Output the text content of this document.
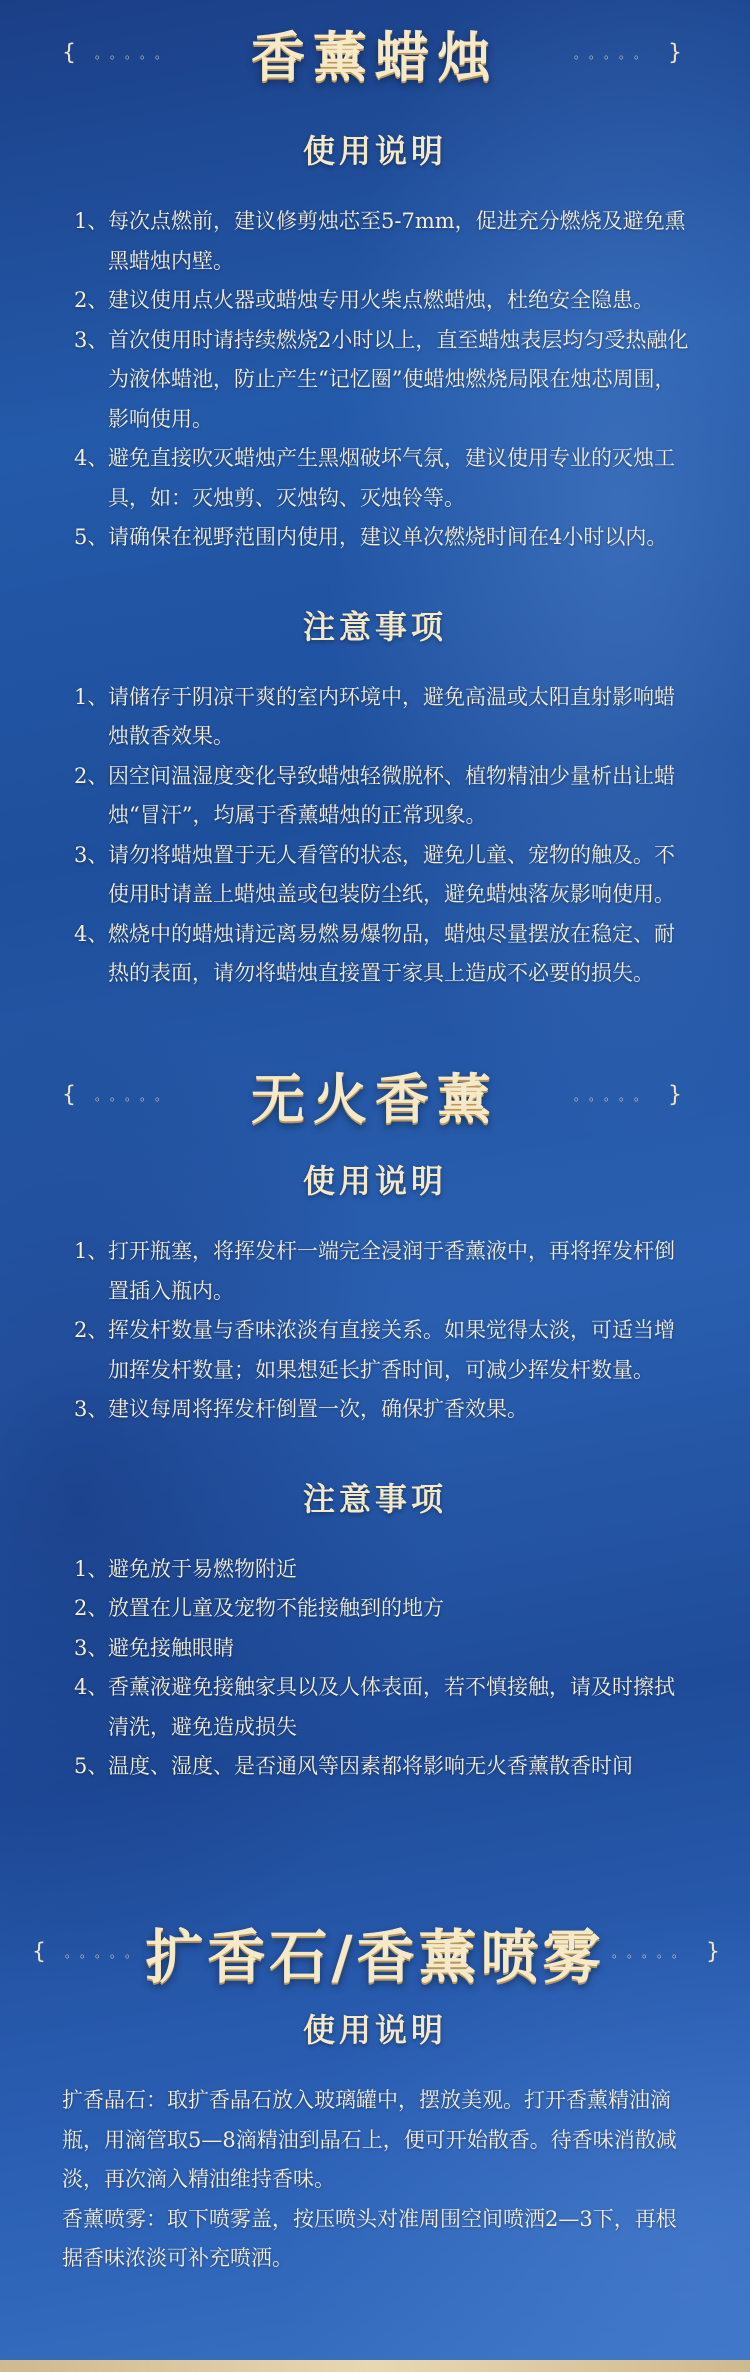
{ 。。。。。 香薰蜡烛	。。。。。 }
使用说明
1、 每次点燃前，建议修剪烛芯至5-7mm，促进充分燃烧及避免熏黑蜡烛内壁。
2、 建议使用点火器或蜡烛专用火柴点燃蜡烛，杜绝安全隐患。
3、 首次使用时请持续燃烧2小时以上，直至蜡烛表层均匀受热融化为液体蜡池，防止产生“记忆圈”使蜡烛燃烧局限在烛芯周围，影响使用。
4、 避免直接吹灭蜡烛产生黑烟破坏气氛，建议使用专业的灭烛工具，如：灭烛剪、灭烛钩、灭烛铃等。
5、 请确保在视野范围内使用，建议单次燃烧时间在4小时以内。
注意事项
1、 请储存于阴凉干爽的室内环境中，避免高温或太阳直射影响蜡烛散香效果。
2、 因空间温湿度变化导致蜡烛轻微脱杯、植物精油少量析出让蜡烛“冒汗”，均属于香薰蜡烛的正常现象。
3、 请勿将蜡烛置于无人看管的状态，避免儿童、宠物的触及。不使用时请盖上蜡烛盖或包装防尘纸，避免蜡烛落灰影响使用。
4、 燃烧中的蜡烛请远离易燃易爆物品，蜡烛尽量摆放在稳定、耐热的表面，请勿将蜡烛直接置于家具上造成不必要的损失。
{ 。。。。。 无火香薰	。。。。。 }
使用说明
1、 打开瓶塞，将挥发杆一端完全浸润于香薰液中，再将挥发杆倒置插入瓶内。
2、 挥发杆数量与香味浓淡有直接关系。如果觉得太淡，可适当增加挥发杆数量；如果想延长扩香时间，可减少挥发杆数量。
3、 建议每周将挥发杆倒置一次，确保扩香效果。
注意事项
1、 避免放于易燃物附近
2、 放置在儿童及宠物不能接触到的地方
3、 避免接触眼睛
4、 香薰液避免接触家具以及人体表面，若不慎接触，请及时擦拭清洗，避免造成损失
5、 温度、湿度、是否通风等因素都将影响无火香薰散香时间
{ 。。。。。 扩香石/香薰喷雾 。。。。。 }
使用说明

扩香晶石：取扩香晶石放入玻璃罐中，摆放美观。打开香薰精油滴瓶，用滴管取5—8滴精油到晶石上，便可开始散香。待香味消散减淡，再次滴入精油维持香味。

香薰喷雾：取下喷雾盖，按压喷头对准周围空间喷洒2—3下，再根据香味浓淡可补充喷洒。
